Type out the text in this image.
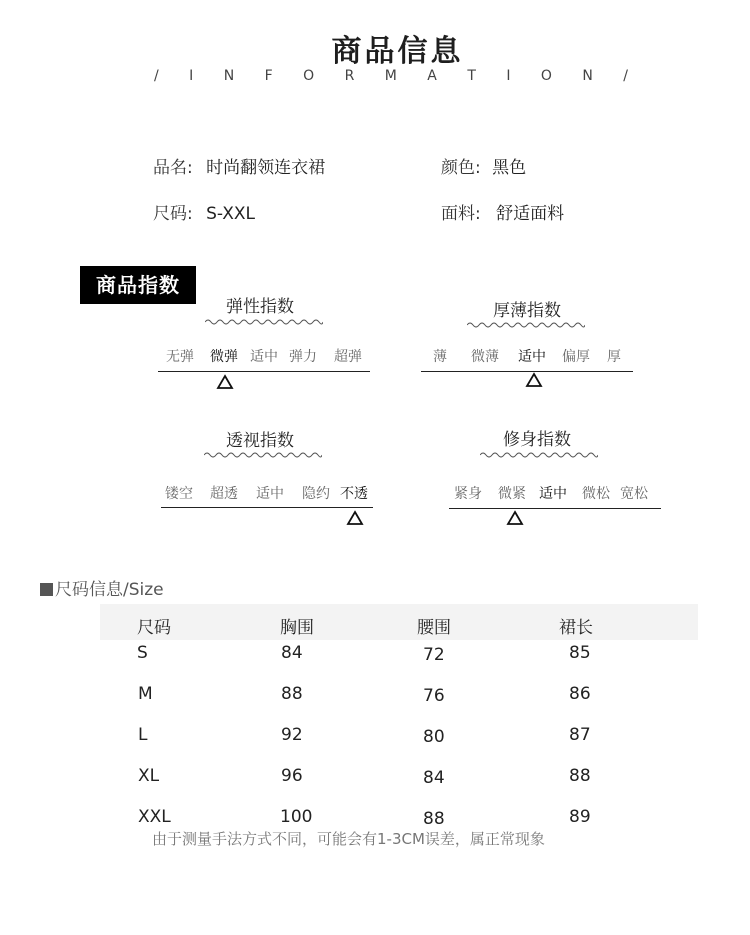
商品信息
/ I N F O R M A T I O N /
品名: 时尚翻领连衣裙	颜色: 黑色
尺码: S-XXL	面料: 舒适面料
商品指数
弹性指数
无弹 微弹 适中 弹力 超弹
厚薄指数
薄 微薄 适中 偏厚 厚
透视指数
镂空 超透 适中 隐约 不透
修身指数
紧身 微紧 适中 微松 宽松
尺码信息/Size
尺码	胸围	腰围	裙长
S	84	72	85
M	88	76	86
L	92	80	87
XL	96	84	88
XXL	100	88	89
由于测量手法方式不同，可能会有1-3CM误差，属正常现象
